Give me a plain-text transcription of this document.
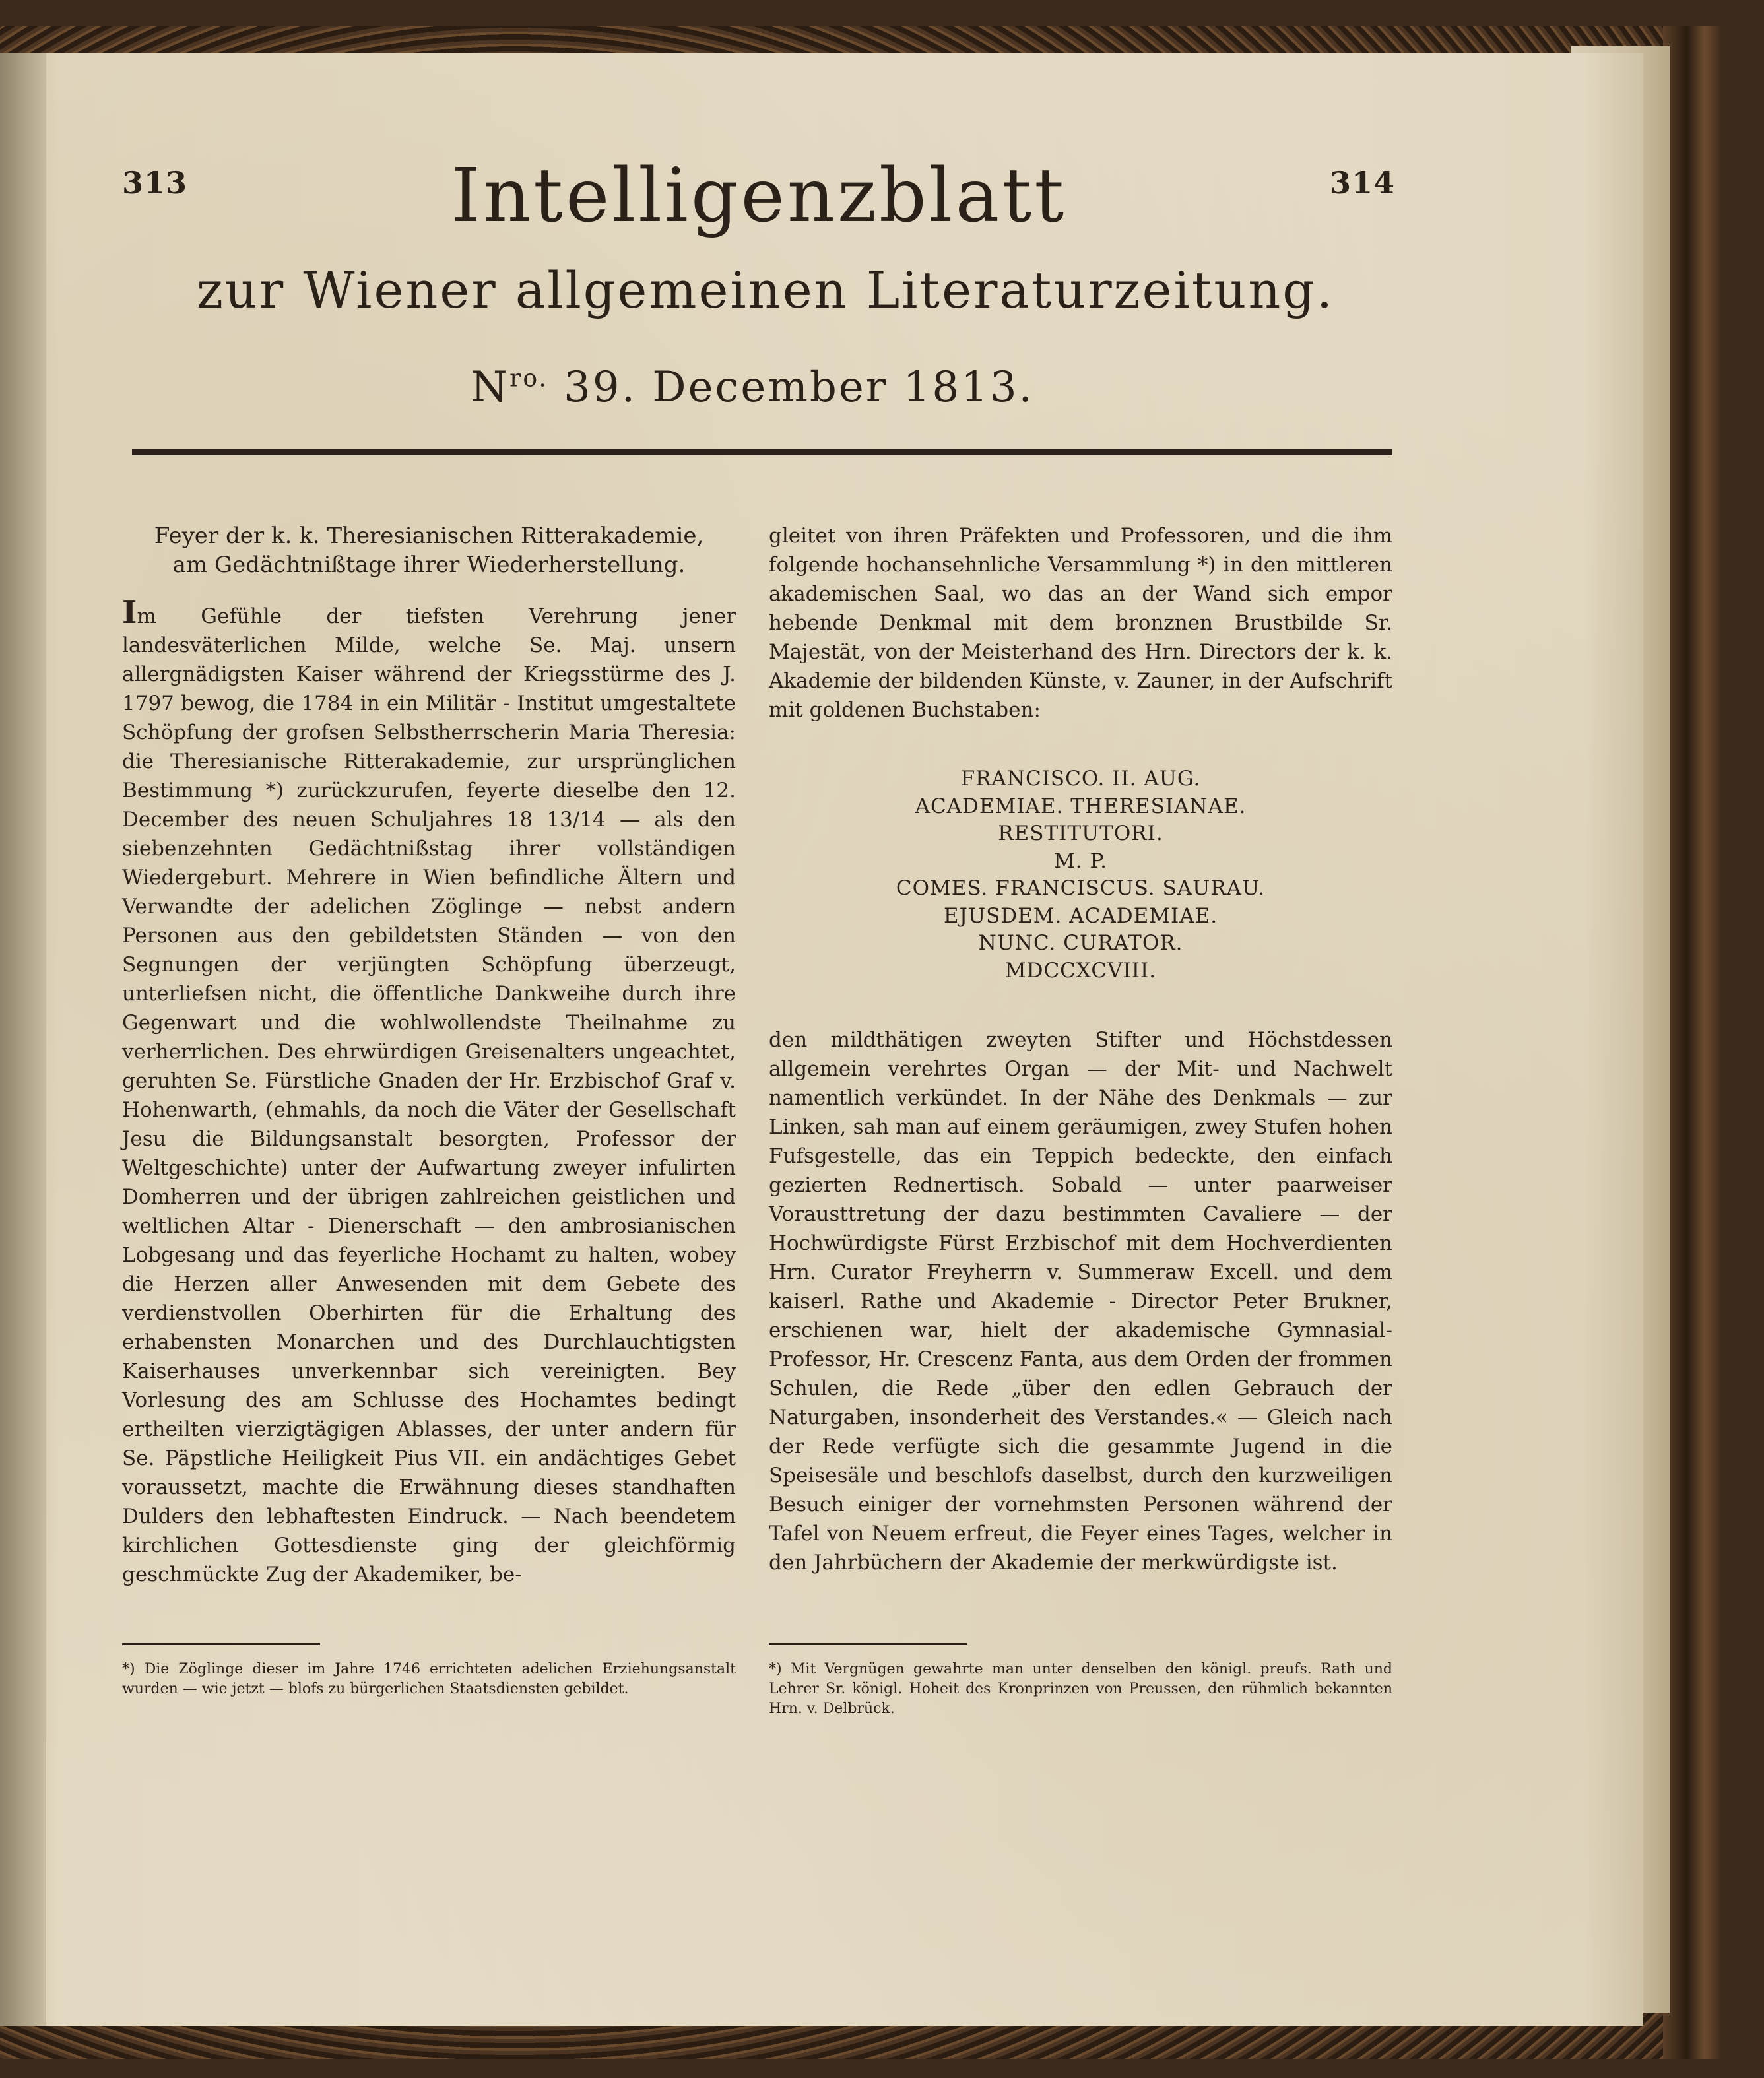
313	314
Intelligenzblatt
zur Wiener allgemeinen Literaturzeitung.
$N^{ro.}$ 39. December 1813.

Feyer der k. k. Theresianischen Ritterakademie,
am Gedächtnißtage ihrer Wiederherstellung.

Im Gefühle der tiefsten Verehrung jener landesväterlichen Milde, welche Se. Maj. unsern allergnädigsten Kaiser während der Kriegsstürme des J. 1797 bewog, die 1784 in ein Militär - Institut umgestaltete Schöpfung der grofsen Selbstherrscherin Maria Theresia: die Theresianische Ritterakademie, zur ursprünglichen Bestimmung *) zurückzurufen, feyerte dieselbe den 12. December des neuen Schuljahres 18 13/14 — als den siebenzehnten Gedächtnißstag ihrer vollständigen Wiedergeburt. Mehrere in Wien befindliche Ältern und Verwandte der adelichen Zöglinge — nebst andern Personen aus den gebildetsten Ständen — von den Segnungen der verjüngten Schöpfung überzeugt, unterliefsen nicht, die öffentliche Dankweihe durch ihre Gegenwart und die wohlwollendste Theilnahme zu verherrlichen. Des ehrwürdigen Greisenalters ungeachtet, geruhten Se. Fürstliche Gnaden der Hr. Erzbischof Graf v. Hohenwarth, (ehmahls, da noch die Väter der Gesellschaft Jesu die Bildungsanstalt besorgten, Professor der Weltgeschichte) unter der Aufwartung zweyer infulirten Domherren und der übrigen zahlreichen geistlichen und weltlichen Altar - Dienerschaft — den ambrosianischen Lobgesang und das feyerliche Hochamt zu halten, wobey die Herzen aller Anwesenden mit dem Gebete des verdienstvollen Oberhirten für die Erhaltung des erhabensten Monarchen und des Durchlauchtigsten Kaiserhauses unverkennbar sich vereinigten. Bey Vorlesung des am Schlusse des Hochamtes bedingt ertheilten vierzigtägigen Ablasses, der unter andern für Se. Päpstliche Heiligkeit Pius VII. ein andächtiges Gebet voraussetzt, machte die Erwähnung dieses standhaften Dulders den lebhaftesten Eindruck. — Nach beendetem kirchlichen Gottesdienste ging der gleichförmig geschmückte Zug der Akademiker, be-

*) Die Zöglinge dieser im Jahre 1746 errichteten adelichen Erziehungsanstalt wurden — wie jetzt — blofs zu bürgerlichen Staatsdiensten gebildet.

gleitet von ihren Präfekten und Professoren, und die ihm folgende hochansehnliche Versammlung *) in den mittleren akademischen Saal, wo das an der Wand sich empor hebende Denkmal mit dem bronznen Brustbilde Sr. Majestät, von der Meisterhand des Hrn. Directors der k. k. Akademie der bildenden Künste, v. Zauner, in der Aufschrift mit goldenen Buchstaben:

FRANCISCO. II. AUG.
ACADEMIAE. THERESIANAE.
RESTITUTORI.
M. P.
COMES. FRANCISCUS. SAURAU.
EJUSDEM. ACADEMIAE.
NUNC. CURATOR.
MDCCXCVIII.

den mildthätigen zweyten Stifter und Höchstdessen allgemein verehrtes Organ — der Mit- und Nachwelt namentlich verkündet. In der Nähe des Denkmals — zur Linken, sah man auf einem geräumigen, zwey Stufen hohen Fufsgestelle, das ein Teppich bedeckte, den einfach gezierten Rednertisch. Sobald — unter paarweiser Vorausttretung der dazu bestimmten Cavaliere — der Hochwürdigste Fürst Erzbischof mit dem Hochverdienten Hrn. Curator Freyherrn v. Summeraw Excell. und dem kaiserl. Rathe und Akademie - Director Peter Brukner, erschienen war, hielt der akademische Gymnasial-Professor, Hr. Crescenz Fanta, aus dem Orden der frommen Schulen, die Rede „über den edlen Gebrauch der Naturgaben, insonderheit des Verstandes.« — Gleich nach der Rede verfügte sich die gesammte Jugend in die Speisesäle und beschlofs daselbst, durch den kurzweiligen Besuch einiger der vornehmsten Personen während der Tafel von Neuem erfreut, die Feyer eines Tages, welcher in den Jahrbüchern der Akademie der merkwürdigste ist.

*) Mit Vergnügen gewahrte man unter denselben den königl. preufs. Rath und Lehrer Sr. königl. Hoheit des Kronprinzen von Preussen, den rühmlich bekannten Hrn. v. Delbrück.
